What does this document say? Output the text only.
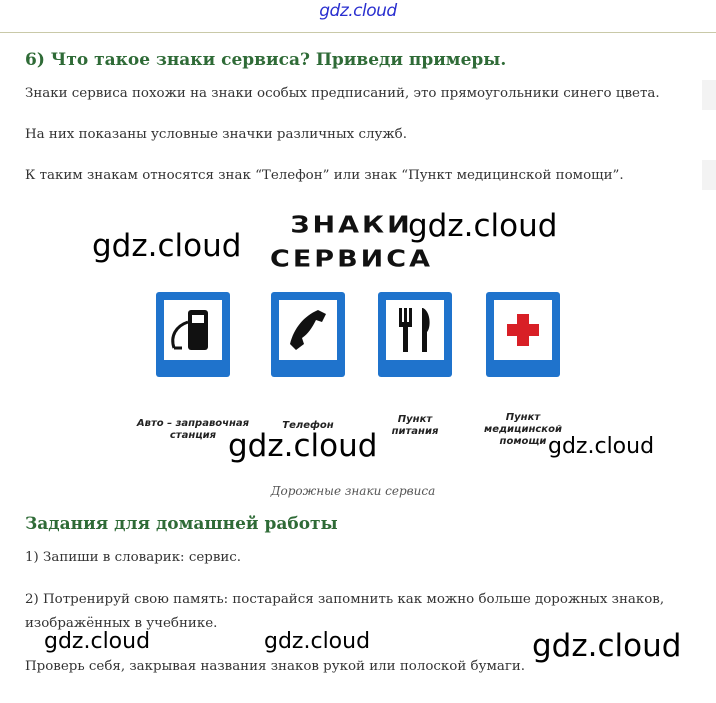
gdz.cloud
6) Что такое знаки сервиса? Приведи примеры.

Знаки сервиса похожи на знаки особых предписаний, это прямоугольники синего цвета.

На них показаны условные значки различных служб.

К таким знакам относятся знак “Телефон” или знак “Пункт медицинской помощи”.

ЗНАКИ
СЕРВИСА
Авто – заправочная
станция
Телефон
Пункт
питания
Пункт
медицинской
помощи
Дорожные знаки сервиса
Задания для домашней работы

1) Запиши в словарик: сервис.

2) Потренируй свою память: постарайся запомнить как можно больше дорожных знаков, изображённых в учебнике.

Проверь себя, закрывая названия знаков рукой или полоской бумаги.

gdz.cloud
gdz.cloud
gdz.cloud	gdz.cloud
gdz.cloud	gdz.cloud	gdz.cloud
